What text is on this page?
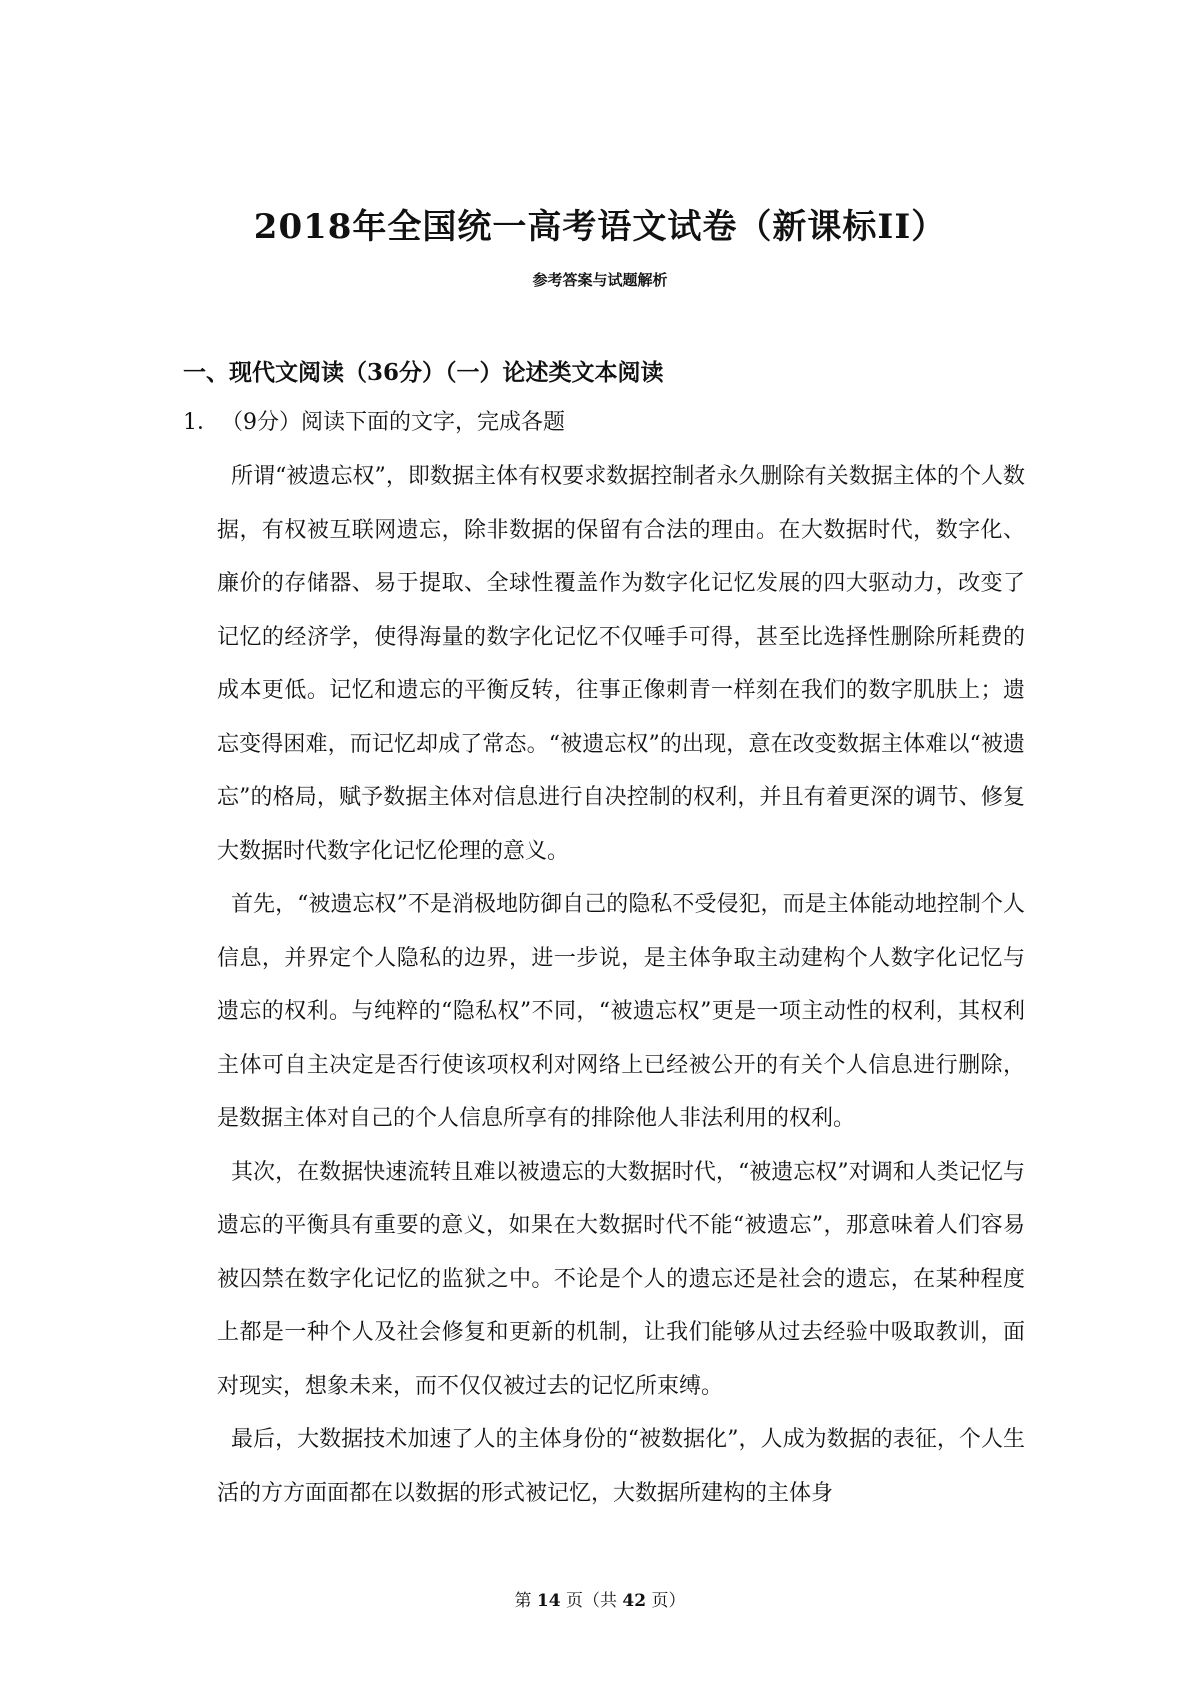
2018年全国统一高考语文试卷（新课标II）
参考答案与试题解析
一、现代文阅读（36分）（一）论述类文本阅读
1．（9分）阅读下面的文字，完成各题

所谓“被遗忘权”，即数据主体有权要求数据控制者永久删除有关数据主体的个人数据，有权被互联网遗忘，除非数据的保留有合法的理由。在大数据时代，数字化、廉价的存储器、易于提取、全球性覆盖作为数字化记忆发展的四大驱动力，改变了记忆的经济学，使得海量的数字化记忆不仅唾手可得，甚至比选择性删除所耗费的成本更低。记忆和遗忘的平衡反转，往事正像刺青一样刻在我们的数字肌肤上；遗忘变得困难，而记忆却成了常态。“被遗忘权”的出现，意在改变数据主体难以“被遗忘”的格局，赋予数据主体对信息进行自决控制的权利，并且有着更深的调节、修复大数据时代数字化记忆伦理的意义。

首先，“被遗忘权”不是消极地防御自己的隐私不受侵犯，而是主体能动地控制个人信息，并界定个人隐私的边界，进一步说，是主体争取主动建构个人数字化记忆与遗忘的权利。与纯粹的“隐私权”不同，“被遗忘权”更是一项主动性的权利，其权利主体可自主决定是否行使该项权利对网络上已经被公开的有关个人信息进行删除，是数据主体对自己的个人信息所享有的排除他人非法利用的权利。

其次，在数据快速流转且难以被遗忘的大数据时代，“被遗忘权”对调和人类记忆与遗忘的平衡具有重要的意义，如果在大数据时代不能“被遗忘”，那意味着人们容易被囚禁在数字化记忆的监狱之中。不论是个人的遗忘还是社会的遗忘，在某种程度上都是一种个人及社会修复和更新的机制，让我们能够从过去经验中吸取教训，面对现实，想象未来，而不仅仅被过去的记忆所束缚。

最后，大数据技术加速了人的主体身份的“被数据化”，人成为数据的表征，个人生活的方方面面都在以数据的形式被记忆，大数据所建构的主体身

第 14 页（共 42 页）
